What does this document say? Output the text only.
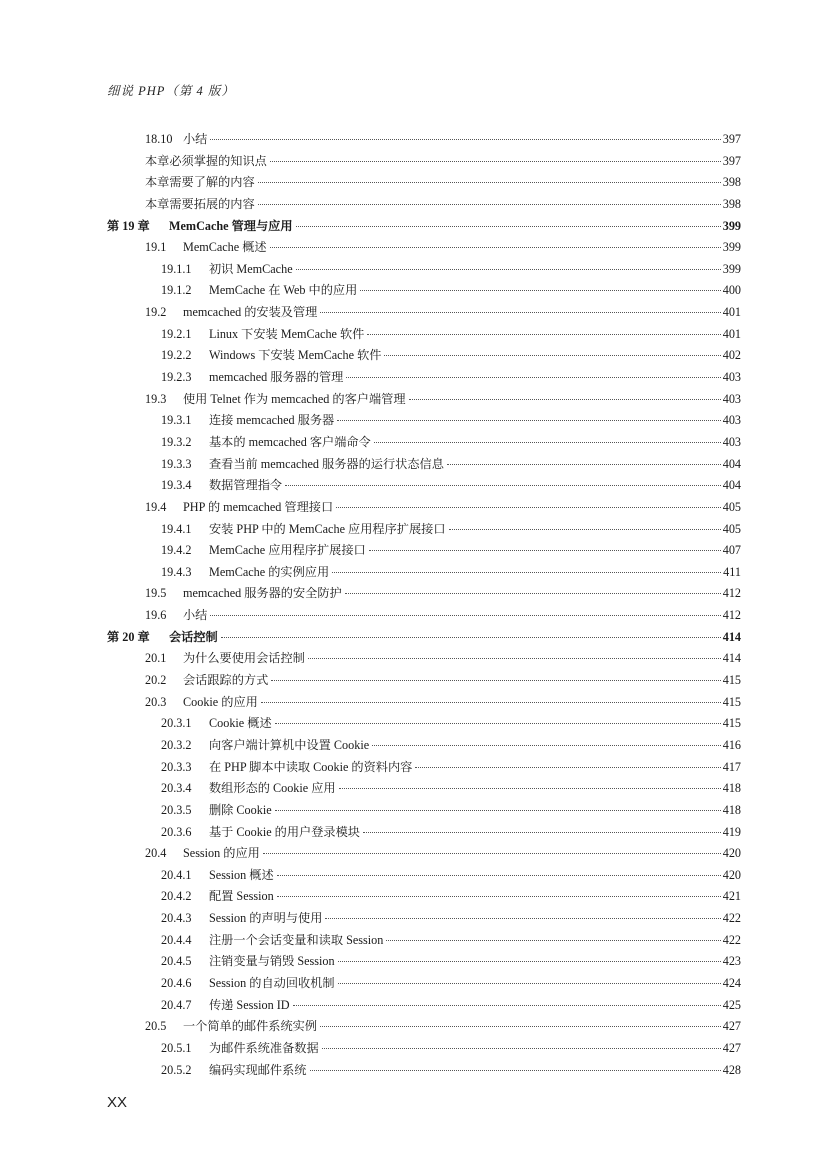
细说 PHP（第 4 版）
18.10 小结	397
本章必须掌握的知识点	397
本章需要了解的内容	398
本章需要拓展的内容	398
第 19 章	MemCache 管理与应用	399
19.1	MemCache 概述	399
19.1.1	初识 MemCache	399
19.1.2	MemCache 在 Web 中的应用	400
19.2	memcached 的安装及管理	401
19.2.1	Linux 下安装 MemCache 软件	401
19.2.2	Windows 下安装 MemCache 软件	402
19.2.3	memcached 服务器的管理	403
19.3	使用 Telnet 作为 memcached 的客户端管理	403
19.3.1	连接 memcached 服务器	403
19.3.2	基本的 memcached 客户端命令	403
19.3.3	查看当前 memcached 服务器的运行状态信息	404
19.3.4	数据管理指令	404
19.4	PHP 的 memcached 管理接口	405
19.4.1	安装 PHP 中的 MemCache 应用程序扩展接口	405
19.4.2	MemCache 应用程序扩展接口	407
19.4.3	MemCache 的实例应用	411
19.5	memcached 服务器的安全防护	412
19.6	小结	412
第 20 章	会话控制	414
20.1	为什么要使用会话控制	414
20.2	会话跟踪的方式	415
20.3	Cookie 的应用	415
20.3.1	Cookie 概述	415
20.3.2	向客户端计算机中设置 Cookie	416
20.3.3	在 PHP 脚本中读取 Cookie 的资料内容	417
20.3.4	数组形态的 Cookie 应用	418
20.3.5	删除 Cookie	418
20.3.6	基于 Cookie 的用户登录模块	419
20.4	Session 的应用	420
20.4.1	Session 概述	420
20.4.2	配置 Session	421
20.4.3	Session 的声明与使用	422
20.4.4	注册一个会话变量和读取 Session	422
20.4.5	注销变量与销毁 Session	423
20.4.6	Session 的自动回收机制	424
20.4.7	传递 Session ID	425
20.5	一个简单的邮件系统实例	427
20.5.1	为邮件系统准备数据	427
20.5.2	编码实现邮件系统	428
XX
